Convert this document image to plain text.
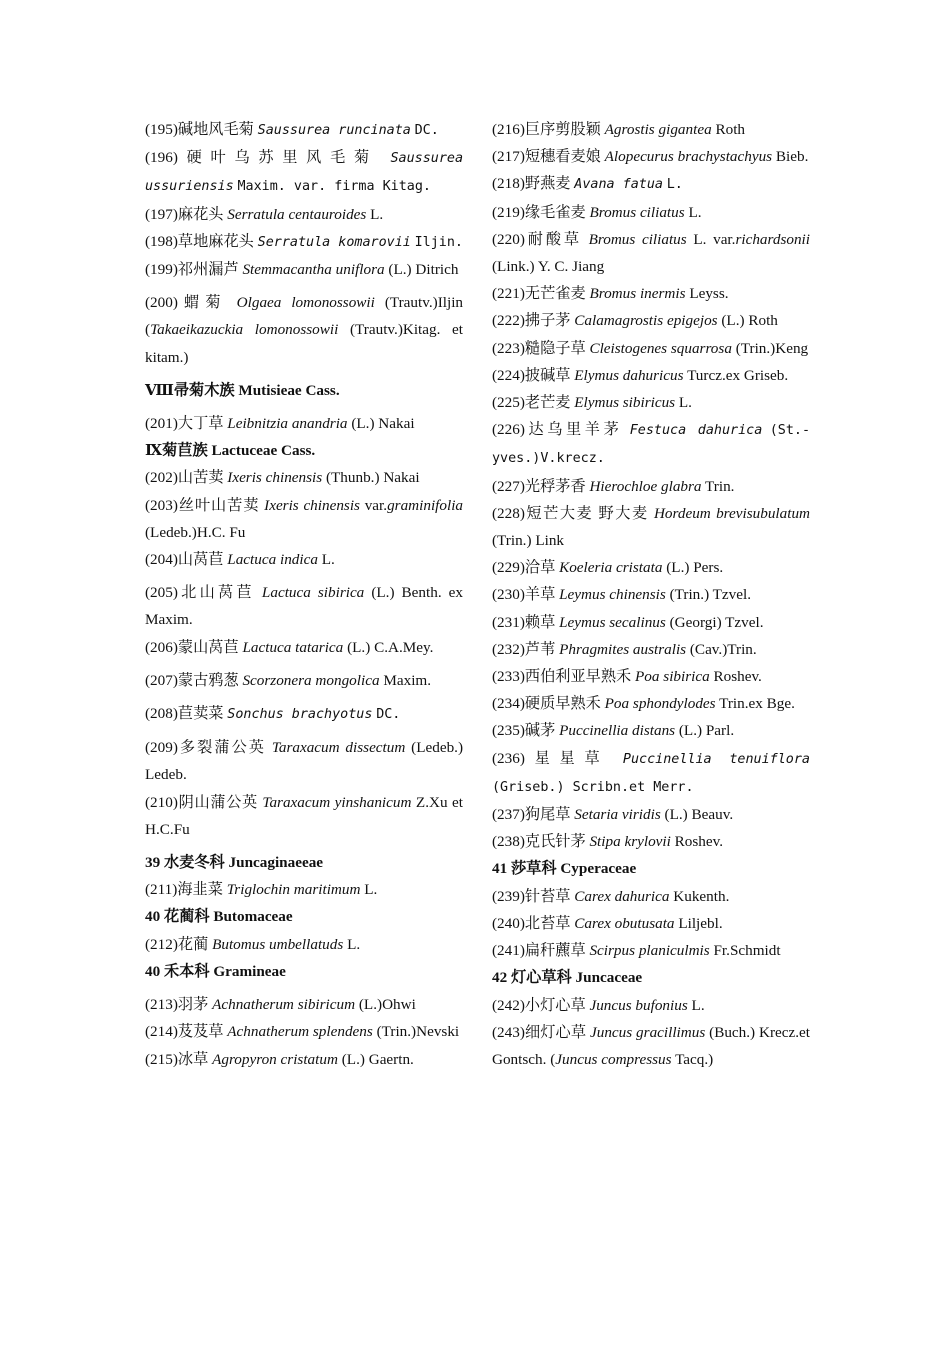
(195)碱地风毛菊 Saussurea runcinata DC.

(196)硬叶乌苏里风毛菊 Saussurea ussuriensis Maxim. var. firma Kitag.

(197)麻花头 Serratula centauroides L.

(198)草地麻花头 Serratula komarovii Iljin.

(199)祁州漏芦 Stemmacantha uniflora (L.) Ditrich

(200)蝟菊 Olgaea lomonossowii (Trautv.)Iljin (Takaeikazuckia lomonossowii (Trautv.)Kitag. et kitam.)

Ⅷ帚菊木族 Mutisieae Cass.

(201)大丁草 Leibnitzia anandria (L.) Nakai

Ⅸ菊苣族 Lactuceae Cass.

(202)山苦荬 Ixeris chinensis (Thunb.) Nakai

(203)丝叶山苦荬 Ixeris chinensis var.graminifolia (Ledeb.)H.C. Fu

(204)山莴苣 Lactuca indica L.

(205)北山莴苣 Lactuca sibirica (L.) Benth. ex Maxim.

(206)蒙山莴苣 Lactuca tatarica (L.) C.A.Mey.

(207)蒙古鸦葱 Scorzonera mongolica Maxim.

(208)苣荬菜 Sonchus brachyotus DC.

(209)多裂蒲公英 Taraxacum dissectum (Ledeb.) Ledeb.

(210)阴山蒲公英 Taraxacum yinshanicum Z.Xu et H.C.Fu

39 水麦冬科 Juncaginaeeae

(211)海韭菜 Triglochin maritimum L.

40 花蔺科 Butomaceae

(212)花蔺 Butomus umbellatuds L.

40 禾本科 Gramineae

(213)羽茅 Achnatherum sibiricum (L.)Ohwi

(214)芨芨草 Achnatherum splendens (Trin.)Nevski

(215)冰草 Agropyron cristatum (L.) Gaertn.

(216)巨序剪股颖 Agrostis gigantea Roth

(217)短穗看麦娘 Alopecurus brachystachyus Bieb.

(218)野燕麦 Avana fatua L.

(219)缘毛雀麦 Bromus ciliatus L.

(220)耐酸草 Bromus ciliatus L. var.richardsonii (Link.) Y. C. Jiang

(221)无芒雀麦 Bromus inermis Leyss.

(222)拂子茅 Calamagrostis epigejos (L.) Roth

(223)糙隐子草 Cleistogenes squarrosa (Trin.)Keng

(224)披碱草 Elymus dahuricus Turcz.ex Griseb.

(225)老芒麦 Elymus sibiricus L.

(226)达乌里羊茅 Festuca dahurica (St.-yves.)V.krecz.

(227)光稃茅香 Hierochloe glabra Trin.

(228)短芒大麦 野大麦 Hordeum brevisubulatum (Trin.) Link

(229)洽草 Koeleria cristata (L.) Pers.

(230)羊草 Leymus chinensis (Trin.) Tzvel.

(231)赖草 Leymus secalinus (Georgi) Tzvel.

(232)芦苇 Phragmites australis (Cav.)Trin.

(233)西伯利亚早熟禾 Poa sibirica Roshev.

(234)硬质早熟禾 Poa sphondylodes Trin.ex Bge.

(235)碱茅 Puccinellia distans (L.) Parl.

(236)星星草 Puccinellia tenuiflora (Griseb.) Scribn.et Merr.

(237)狗尾草 Setaria viridis (L.) Beauv.

(238)克氏针茅 Stipa krylovii Roshev.

41 莎草科 Cyperaceae

(239)针苔草 Carex dahurica Kukenth.

(240)北苔草 Carex obutusata Liljebl.

(241)扁秆藨草 Scirpus planiculmis Fr.Schmidt

42 灯心草科 Juncaceae

(242)小灯心草 Juncus bufonius L.

(243)细灯心草 Juncus gracillimus (Buch.) Krecz.et Gontsch. (Juncus compressus Tacq.)
